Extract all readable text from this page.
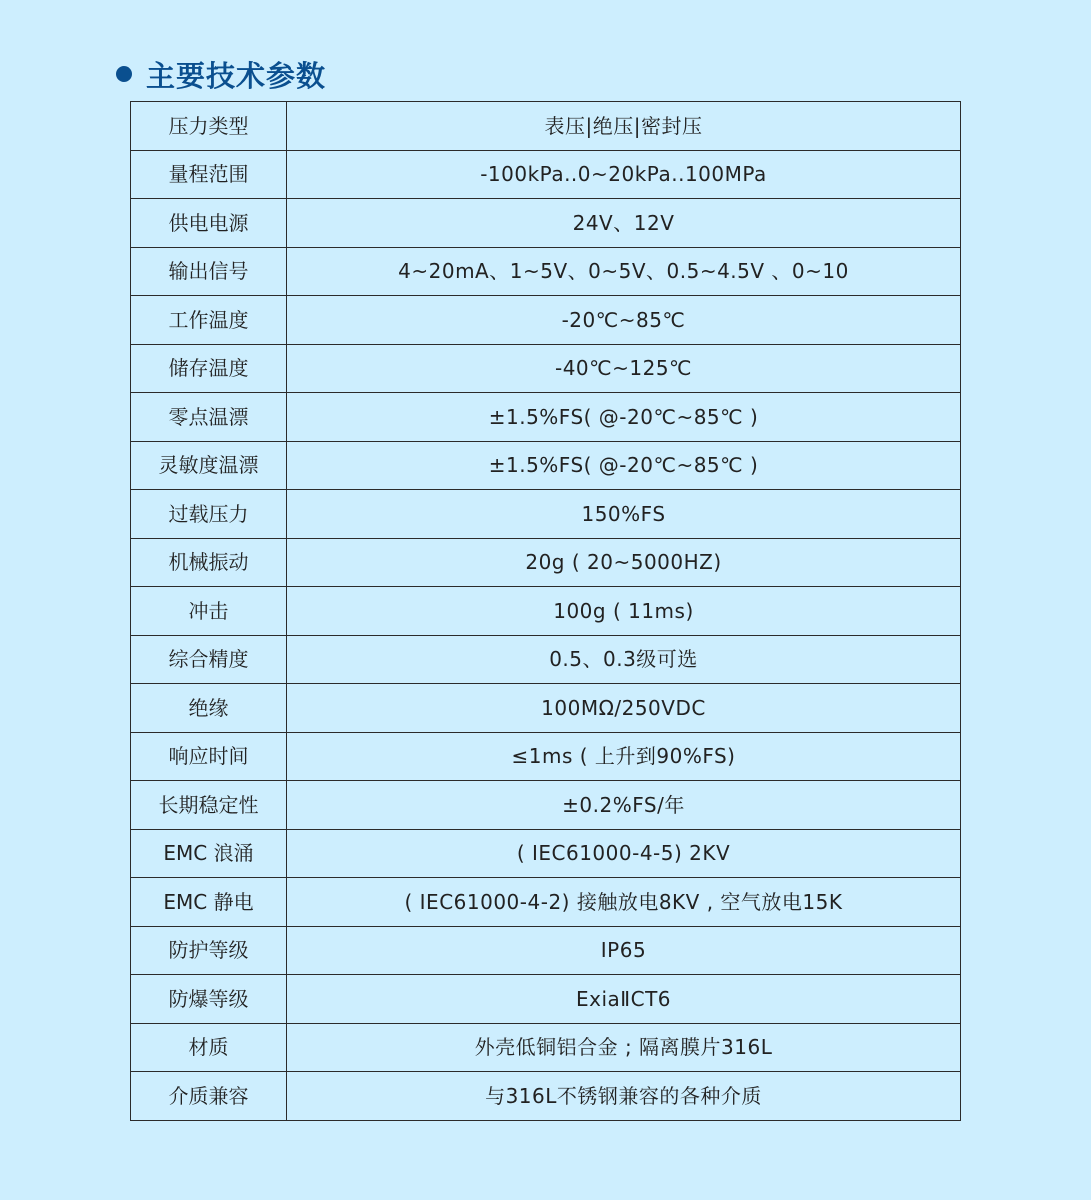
主要技术参数
压力类型	表压|绝压|密封压
量程范围	-100kPa..0~20kPa..100MPa
供电电源	24V、12V
输出信号	4~20mA、1~5V、0~5V、0.5~4.5V 、0~10
工作温度	-20℃~85℃
储存温度	-40℃~125℃
零点温漂	±1.5%FS( @-20℃~85℃ )
灵敏度温漂	±1.5%FS( @-20℃~85℃ )
过载压力	150%FS
机械振动	20g ( 20~5000HZ)
冲击	100g ( 11ms)
综合精度	0.5、0.3级可选
绝缘	100MΩ/250VDC
响应时间	≤1ms ( 上升到90%FS)
长期稳定性	±0.2%FS/年
EMC 浪涌	( IEC61000-4-5) 2KV
EMC 静电	( IEC61000-4-2) 接触放电8KV , 空气放电15K
防护等级	IP65
防爆等级	ExiaⅡCT6
材质	外壳低铜铝合金 ; 隔离膜片316L
介质兼容	与316L不锈钢兼容的各种介质
